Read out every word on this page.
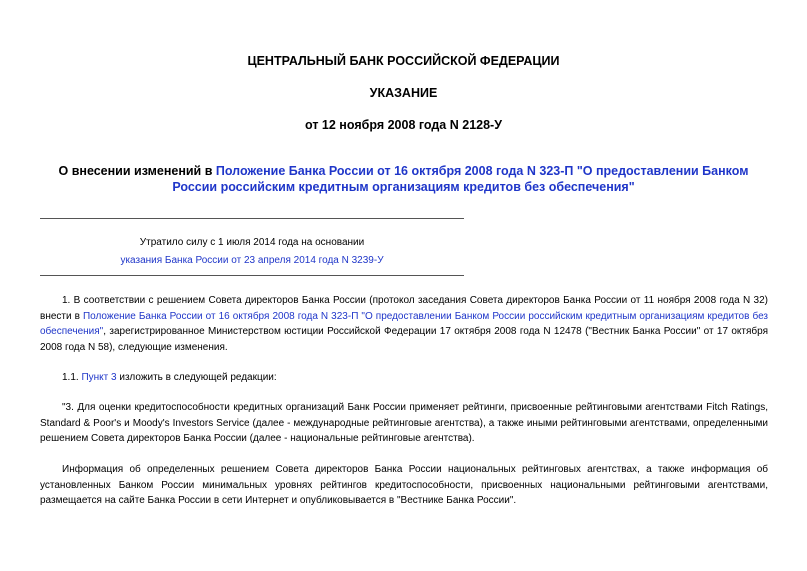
ЦЕНТРАЛЬНЫЙ БАНК РОССИЙСКОЙ ФЕДЕРАЦИИ
УКАЗАНИЕ
от 12 ноября 2008 года N 2128-У
О внесении изменений в Положение Банка России от 16 октября 2008 года N 323-П "О предоставлении Банком России российским кредитным организациям кредитов без обеспечения"
Утратило силу с 1 июля 2014 года на основании
указания Банка России от 23 апреля 2014 года N 3239-У
1. В соответствии с решением Совета директоров Банка России (протокол заседания Совета директоров Банка России от 11 ноября 2008 года N 32) внести в Положение Банка России от 16 октября 2008 года N 323-П "О предоставлении Банком России российским кредитным организациям кредитов без обеспечения", зарегистрированное Министерством юстиции Российской Федерации 17 октября 2008 года N 12478 ("Вестник Банка России" от 17 октября 2008 года N 58), следующие изменения.
1.1. Пункт 3 изложить в следующей редакции:
"3. Для оценки кредитоспособности кредитных организаций Банк России применяет рейтинги, присвоенные рейтинговыми агентствами Fitch Ratings, Standard & Poor's и Moody's Investors Service (далее - международные рейтинговые агентства), а также иными рейтинговыми агентствами, определенными решением Совета директоров Банка России (далее - национальные рейтинговые агентства).
Информация об определенных решением Совета директоров Банка России национальных рейтинговых агентствах, а также информация об установленных Банком России минимальных уровнях рейтингов кредитоспособности, присвоенных национальными рейтинговыми агентствами, размещается на сайте Банка России в сети Интернет и опубликовывается в "Вестнике Банка России".
